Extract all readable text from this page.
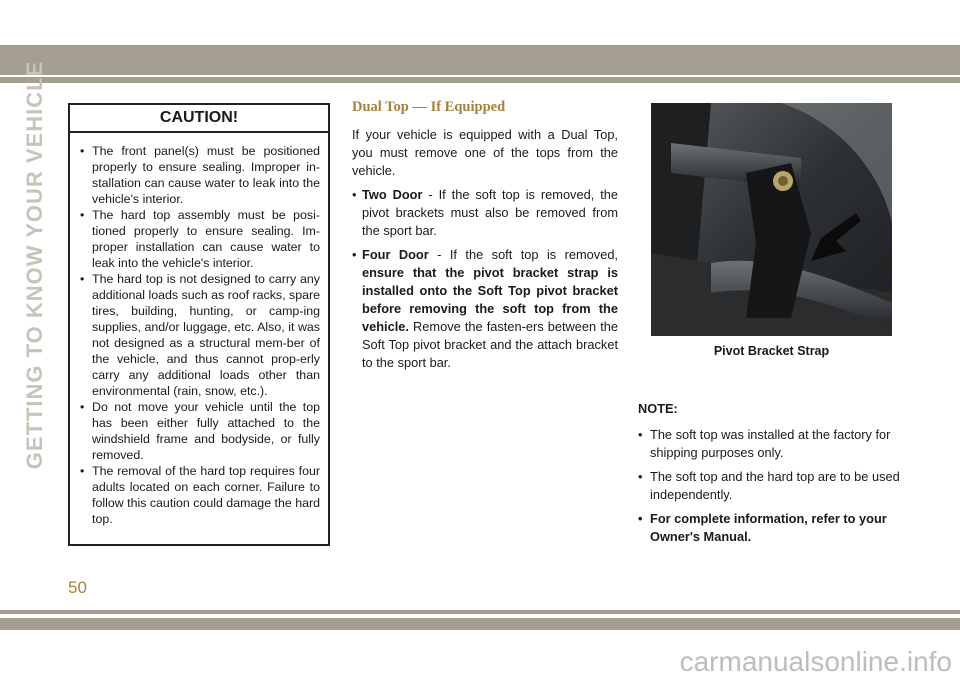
GETTING TO KNOW YOUR VEHICLE	CAUTION!
• The front panel(s) must be positioned properly to ensure sealing. Improper in-stallation can cause water to leak into the vehicle's interior.
• The hard top assembly must be posi-tioned properly to ensure sealing. Im-proper installation can cause water to leak into the vehicle's interior.
• The hard top is not designed to carry any additional loads such as roof racks, spare tires, building, hunting, or camp-ing supplies, and/or luggage, etc. Also, it was not designed as a structural mem-ber of the vehicle, and thus cannot prop-erly carry any additional loads other than environmental (rain, snow, etc.).
• Do not move your vehicle until the top has been either fully attached to the windshield frame and bodyside, or fully removed.
• The removal of the hard top requires four adults located on each corner. Failure to follow this caution could damage the hard top.
Dual Top — If Equipped

If your vehicle is equipped with a Dual Top, you must remove one of the tops from the vehicle.

• Two Door - If the soft top is removed, the pivot brackets must also be removed from the sport bar.
• Four Door - If the soft top is removed, ensure that the pivot bracket strap is installed onto the Soft Top pivot bracket before removing the soft top from the vehicle. Remove the fasten-ers between the Soft Top pivot bracket and the attach bracket to the sport bar.
Pivot Bracket Strap
NOTE:
• The soft top was installed at the factory for shipping purposes only.
• The soft top and the hard top are to be used independently.
• For complete information, refer to your Owner's Manual.
50
carmanualsonline.info
